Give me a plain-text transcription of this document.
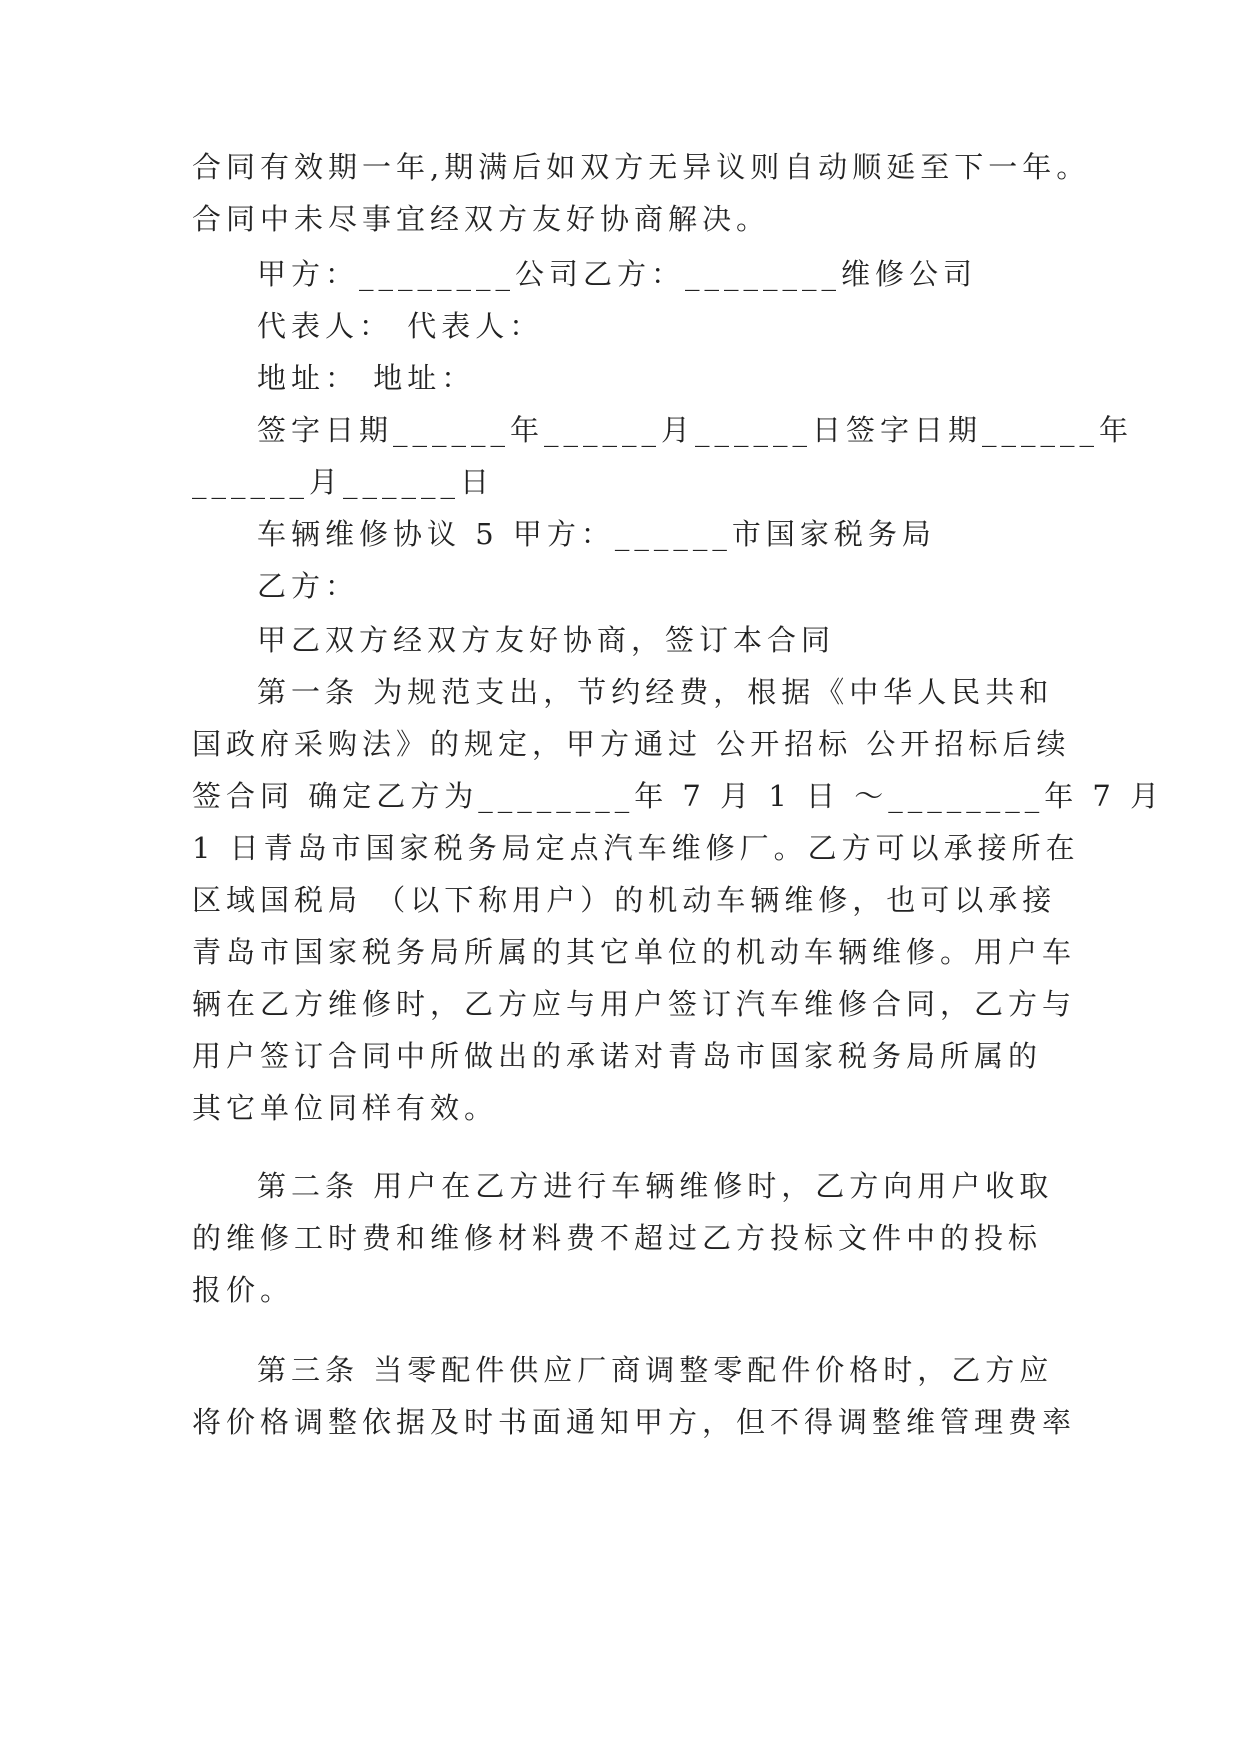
合同有效期一年,期满后如双方无异议则自动顺延至下一年。
合同中未尽事宜经双方友好协商解决。
甲方：________公司乙方：________维修公司
代表人： 代表人：
地址： 地址：
签字日期______年______月______日签字日期______年
______月______日
车辆维修协议 5 甲方：______市国家税务局
乙方：
甲乙双方经双方友好协商，签订本合同
第一条 为规范支出，节约经费，根据《中华人民共和
国政府采购法》的规定，甲方通过 公开招标 公开招标后续
签合同 确定乙方为________年 7 月 1 日 ～________年 7 月
1 日青岛市国家税务局定点汽车维修厂。乙方可以承接所在
区域国税局 （以下称用户）的机动车辆维修，也可以承接
青岛市国家税务局所属的其它单位的机动车辆维修。用户车
辆在乙方维修时，乙方应与用户签订汽车维修合同，乙方与
用户签订合同中所做出的承诺对青岛市国家税务局所属的
其它单位同样有效。
第二条 用户在乙方进行车辆维修时，乙方向用户收取
的维修工时费和维修材料费不超过乙方投标文件中的投标
报价。
第三条 当零配件供应厂商调整零配件价格时，乙方应
将价格调整依据及时书面通知甲方，但不得调整维管理费率
